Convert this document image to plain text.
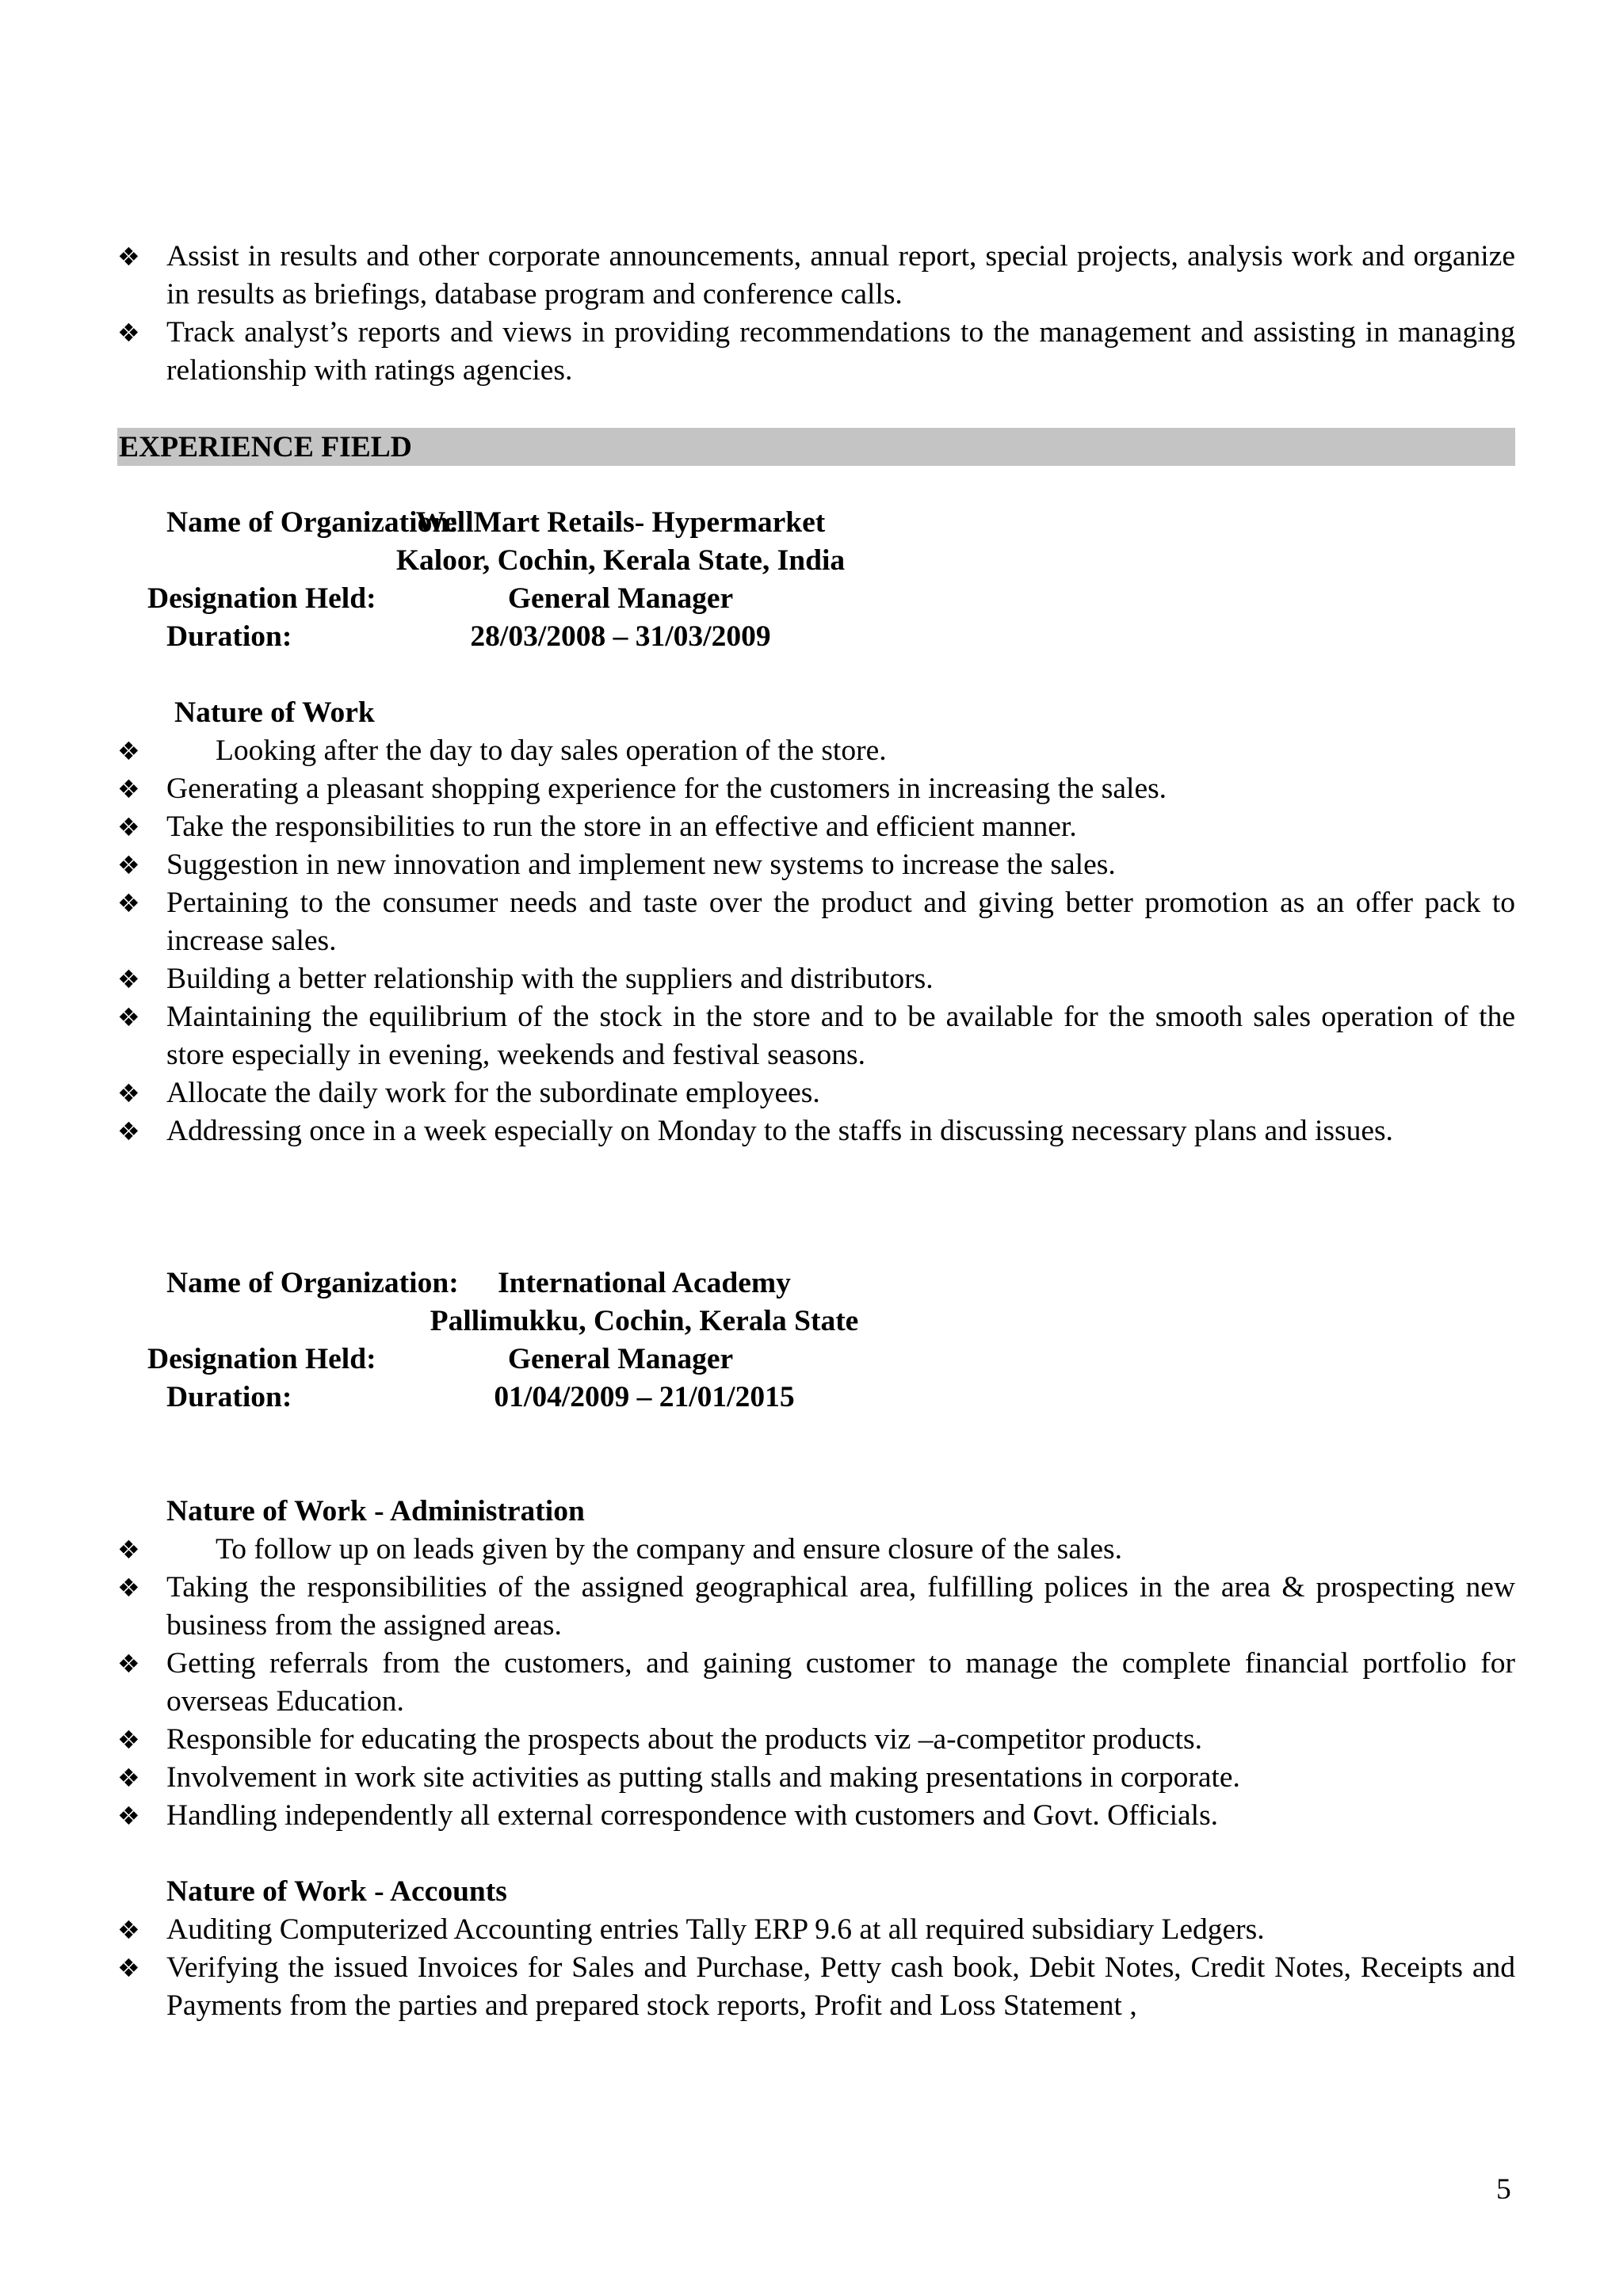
❖ Assist in results and other corporate announcements, annual report, special projects, analysis work and organize in results as briefings, database program and conference calls.
❖ Track analyst’s reports and views in providing recommendations to the management and assisting in managing relationship with ratings agencies.
EXPERIENCE FIELD
Name of Organization:
Designation Held:
Duration:
WellMart Retails- Hypermarket
Kaloor, Cochin, Kerala State, India
General Manager
28/03/2008 – 31/03/2009
Nature of Work
❖	Looking after the day to day sales operation of the store.
❖ Generating a pleasant shopping experience for the customers in increasing the sales.
❖ Take the responsibilities to run the store in an effective and efficient manner.
❖ Suggestion in new innovation and implement new systems to increase the sales.
❖ Pertaining to the consumer needs and taste over the product and giving better promotion as an offer pack to increase sales.
❖ Building a better relationship with the suppliers and distributors.
❖ Maintaining the equilibrium of the stock in the store and to be available for the smooth sales operation of the store especially in evening, weekends and festival seasons.
❖ Allocate the daily work for the subordinate employees.
❖ Addressing once in a week especially on Monday to the staffs in discussing necessary plans and issues.
Name of Organization:
Designation Held:
Duration:
International Academy
Pallimukku, Cochin, Kerala State
General Manager
01/04/2009 – 21/01/2015
Nature of Work - Administration
❖	To follow up on leads given by the company and ensure closure of the sales.
❖ Taking the responsibilities of the assigned geographical area, fulfilling polices in the area & prospecting new business from the assigned areas.
❖ Getting referrals from the customers, and gaining customer to manage the complete financial portfolio for overseas Education.
❖ Responsible for educating the prospects about the products viz –a-competitor products.
❖ Involvement in work site activities as putting stalls and making presentations in corporate.
❖ Handling independently all external correspondence with customers and Govt. Officials.
Nature of Work - Accounts
❖ Auditing Computerized Accounting entries Tally ERP 9.6 at all required subsidiary Ledgers.
❖ Verifying the issued Invoices for Sales and Purchase, Petty cash book, Debit Notes, Credit Notes, Receipts and Payments from the parties and prepared stock reports, Profit and Loss Statement ,
5
